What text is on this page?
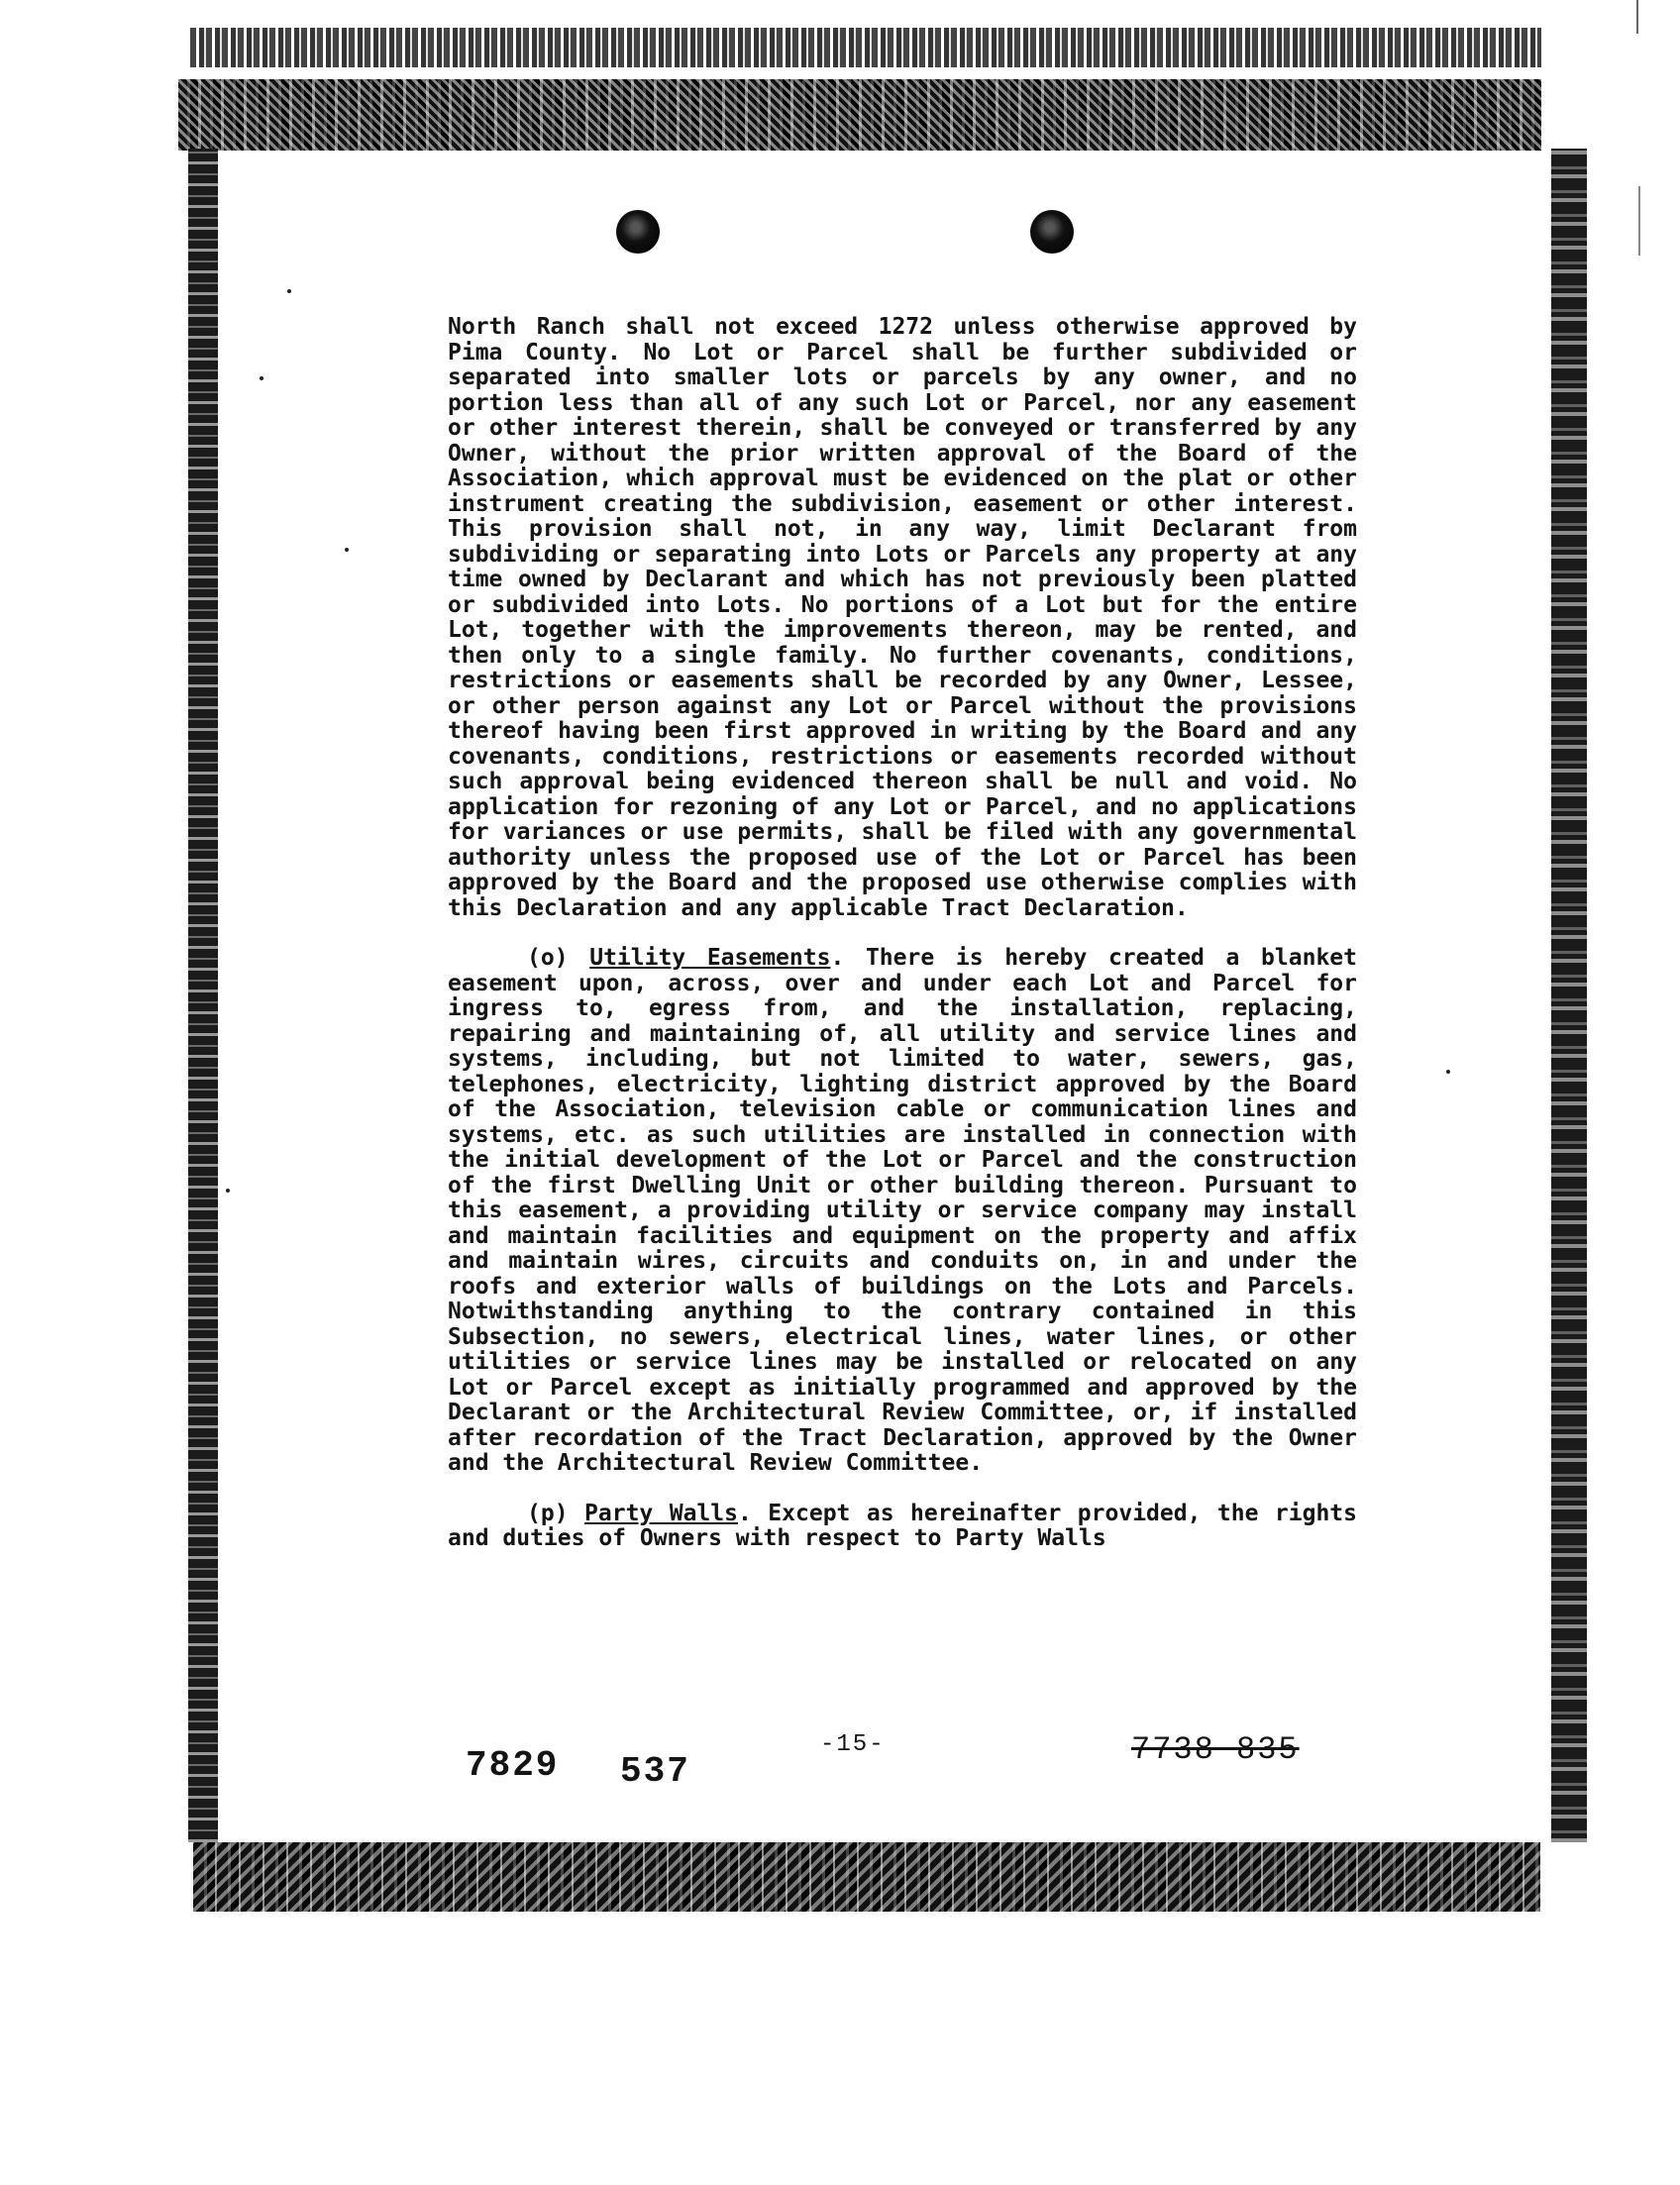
North Ranch shall not exceed 1272 unless otherwise approved by Pima County. No Lot or Parcel shall be further subdivided or separated into smaller lots or parcels by any owner, and no portion less than all of any such Lot or Parcel, nor any easement or other interest therein, shall be conveyed or transferred by any Owner, without the prior written approval of the Board of the Association, which approval must be evidenced on the plat or other instrument creating the subdivision, easement or other interest. This provision shall not, in any way, limit Declarant from subdividing or separating into Lots or Parcels any property at any time owned by Declarant and which has not previously been platted or subdivided into Lots. No portions of a Lot but for the entire Lot, together with the improvements thereon, may be rented, and then only to a single family. No further covenants, conditions, restrictions or easements shall be recorded by any Owner, Lessee, or other person against any Lot or Parcel without the provisions thereof having been first approved in writing by the Board and any covenants, conditions, restrictions or easements recorded without such approval being evidenced thereon shall be null and void. No application for rezoning of any Lot or Parcel, and no applications for variances or use permits, shall be filed with any governmental authority unless the proposed use of the Lot or Parcel has been approved by the Board and the proposed use otherwise complies with this Declaration and any applicable Tract Declaration.

(o) Utility Easements. There is hereby created a blanket easement upon, across, over and under each Lot and Parcel for ingress to, egress from, and the installation, replacing, repairing and maintaining of, all utility and service lines and systems, including, but not limited to water, sewers, gas, telephones, electricity, lighting district approved by the Board of the Association, television cable or communication lines and systems, etc. as such utilities are installed in connection with the initial development of the Lot or Parcel and the construction of the first Dwelling Unit or other building thereon. Pursuant to this easement, a providing utility or service company may install and maintain facilities and equipment on the property and affix and maintain wires, circuits and conduits on, in and under the roofs and exterior walls of buildings on the Lots and Parcels. Notwithstanding anything to the contrary contained in this Subsection, no sewers, electrical lines, water lines, or other utilities or service lines may be installed or relocated on any Lot or Parcel except as initially programmed and approved by the Declarant or the Architectural Review Committee, or, if installed after recordation of the Tract Declaration, approved by the Owner and the Architectural Review Committee.

(p) Party Walls. Except as hereinafter provided, the rights and duties of Owners with respect to Party Walls

7829 537
-15-	7738 835
